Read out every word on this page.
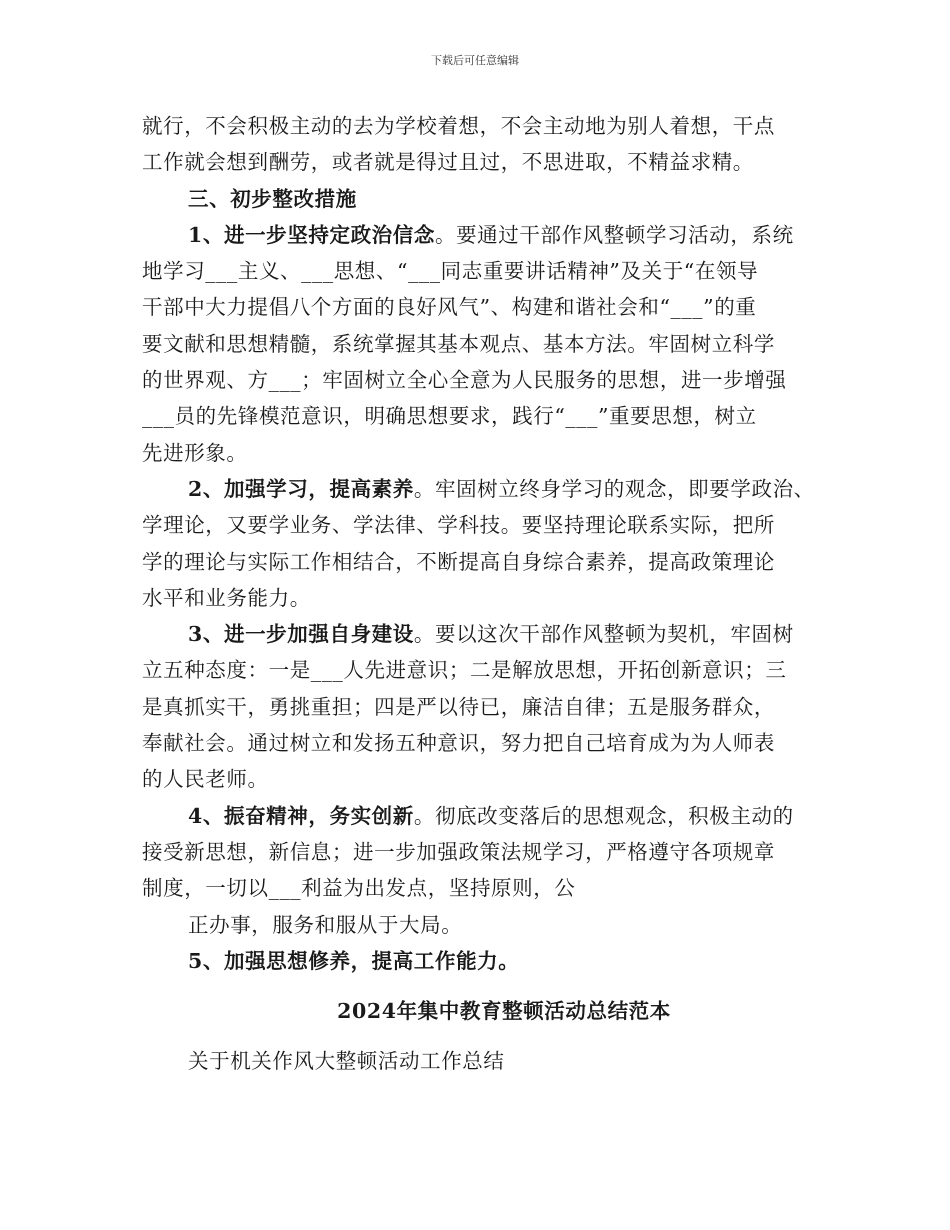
下载后可任意编辑
就行，不会积极主动的去为学校着想，不会主动地为别人着想，干点
工作就会想到酬劳，或者就是得过且过，不思进取，不精益求精。
三、初步整改措施
1、进一步坚持定政治信念。要通过干部作风整顿学习活动，系统
地学习___主义、___思想、“___同志重要讲话精神”及关于“在领导
干部中大力提倡八个方面的良好风气”、构建和谐社会和“___”的重
要文献和思想精髓，系统掌握其基本观点、基本方法。牢固树立科学
的世界观、方___；牢固树立全心全意为人民服务的思想，进一步增强
___员的先锋模范意识，明确思想要求，践行“___”重要思想，树立
先进形象。
2、加强学习，提高素养。牢固树立终身学习的观念，即要学政治、
学理论，又要学业务、学法律、学科技。要坚持理论联系实际，把所
学的理论与实际工作相结合，不断提高自身综合素养，提高政策理论
水平和业务能力。
3、进一步加强自身建设。要以这次干部作风整顿为契机，牢固树
立五种态度：一是___人先进意识；二是解放思想，开拓创新意识；三
是真抓实干，勇挑重担；四是严以待已，廉洁自律；五是服务群众，
奉献社会。通过树立和发扬五种意识，努力把自己培育成为为人师表
的人民老师。
4、振奋精神，务实创新。彻底改变落后的思想观念，积极主动的
接受新思想，新信息；进一步加强政策法规学习，严格遵守各项规章
制度，一切以___利益为出发点，坚持原则，公
正办事，服务和服从于大局。
5、加强思想修养，提高工作能力。
2024年集中教育整顿活动总结范本
关于机关作风大整顿活动工作总结
